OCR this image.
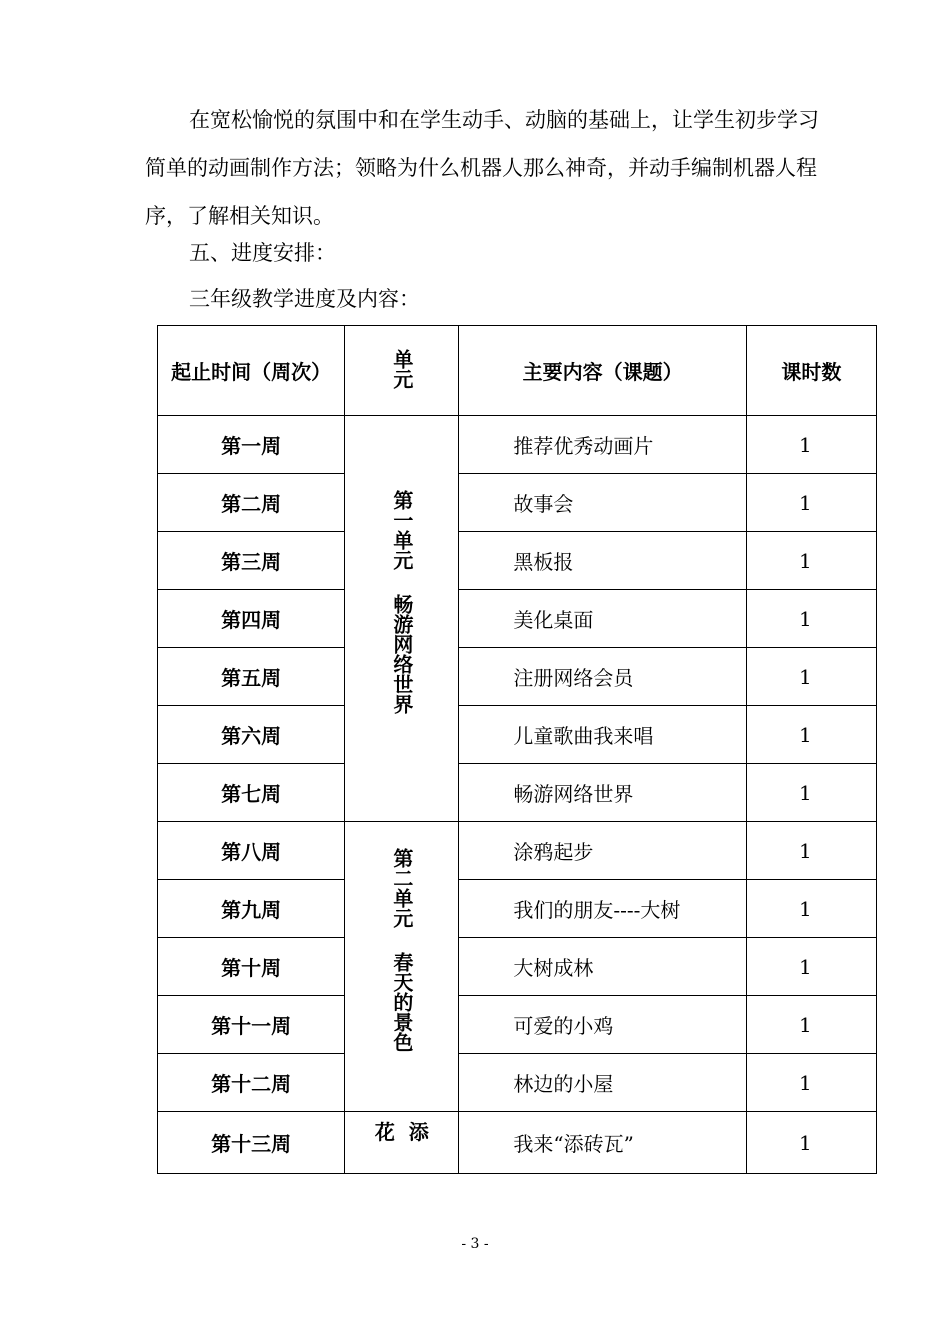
在宽松愉悦的氛围中和在学生动手、动脑的基础上，让学生初步学习简单的动画制作方法；领略为什么机器人那么神奇，并动手编制机器人程序，了解相关知识。

五、进度安排：

三年级教学进度及内容：

起止时间（周次）	单元	主要内容（课题）	课时数
第一周	第一单元 畅游网络世界	推荐优秀动画片	1
第二周		故事会	1
第三周		黑板报	1
第四周		美化桌面	1
第五周		注册网络会员	1
第六周		儿童歌曲我来唱	1
第七周		畅游网络世界	1
第八周	第二单元 春天的景色	涂鸦起步	1
第九周		我们的朋友----大树	1
第十周		大树成林	1
第十一周		可爱的小鸡	1
第十二周		林边的小屋	1
第十三周	花  添	我来“添砖瓦”	1
- 3 -
